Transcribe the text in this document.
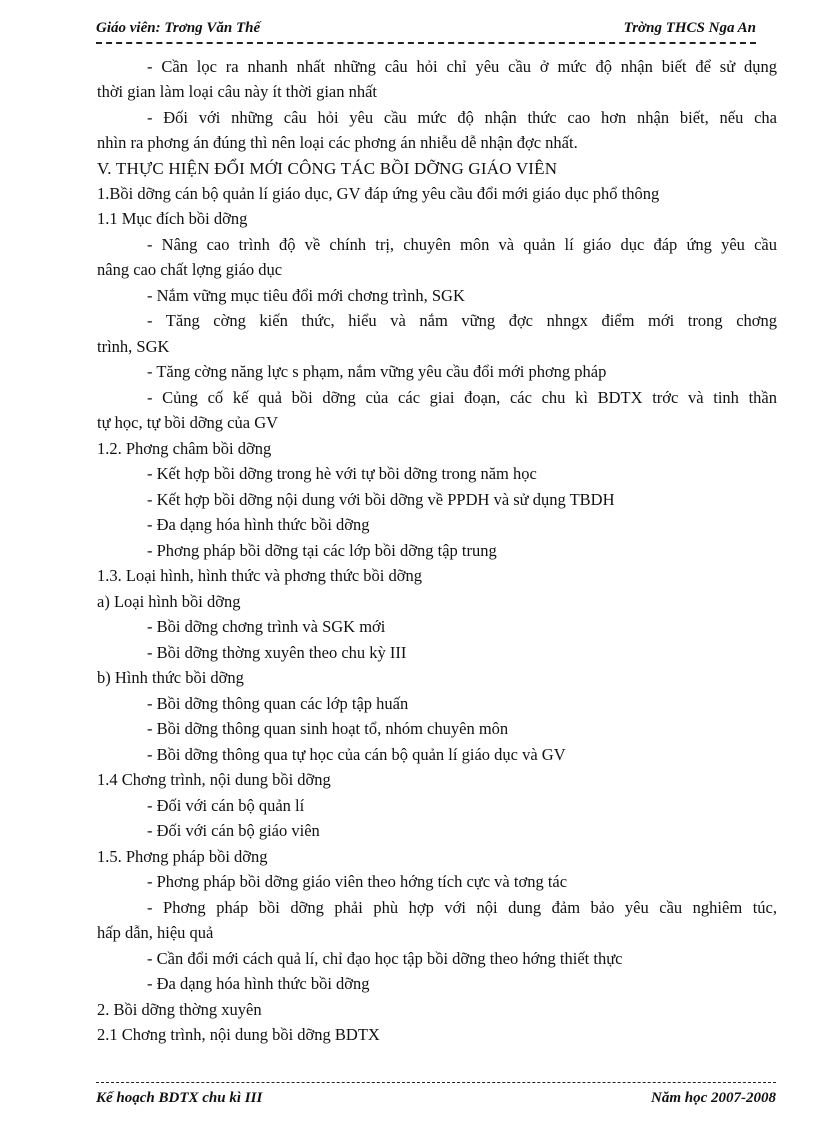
Giáo viên: Trơng Văn Thế	Trờng THCS Nga An
- Cần lọc ra nhanh nhất những câu hỏi chỉ yêu cầu ở mức độ nhận biết để sử dụng
thời gian làm loại câu này ít thời gian nhất
- Đối với những câu hỏi yêu cầu mức độ nhận thức cao hơn nhận biết, nếu cha
nhìn ra phơng án đúng thì nên loại các phơng án nhiễu dễ nhận đợc nhất.
V. THỰC HIỆN ĐỔI MỚI CÔNG TÁC BỒI DỠNG GIÁO VIÊN
1.Bồi dỡng cán bộ quản lí giáo dục, GV đáp ứng yêu cầu đổi mới giáo dục phổ thông
1.1 Mục đích bồi dỡng
- Nâng cao trình độ về chính trị, chuyên môn và quản lí giáo dục đáp ứng yêu cầu
nâng cao chất lợng giáo dục
- Nắm vững mục tiêu đổi mới chơng trình, SGK
- Tăng cờng kiến thức, hiểu và nắm vững đợc nhngx điểm mới trong chơng
trình, SGK
- Tăng cờng năng lực s phạm, nắm vững yêu cầu đổi mới phơng pháp
- Củng cố kế quả bồi dỡng của các giai đoạn, các chu kì BDTX trớc và tinh thần
tự học, tự bồi dỡng của GV
1.2. Phơng châm bồi dỡng
- Kết hợp bồi dỡng trong hè với tự bồi dỡng trong năm học
- Kết hợp bồi dỡng nội dung với bồi dỡng về PPDH và sử dụng TBDH
- Đa dạng hóa hình thức bồi dỡng
- Phơng pháp bồi dỡng tại các lớp bồi dỡng tập trung
1.3. Loại hình, hình thức và phơng thức bồi dỡng
a) Loại hình bồi dỡng
- Bồi dỡng chơng trình và SGK mới
- Bồi dỡng thờng xuyên theo chu kỳ III
b) Hình thức bồi dỡng
- Bồi dỡng thông quan các lớp tập huấn
- Bồi dỡng thông quan sinh hoạt tổ, nhóm chuyên môn
- Bồi dỡng thông qua tự học của cán bộ quản lí giáo dục và GV
1.4 Chơng trình, nội dung bồi dỡng
- Đối với cán bộ quản lí
- Đối với cán bộ giáo viên
1.5. Phơng pháp bồi dỡng
- Phơng pháp bồi dỡng giáo viên theo hớng tích cực và tơng tác
- Phơng pháp bồi dỡng phải phù hợp với nội dung đảm bảo yêu cầu nghiêm túc,
hấp dẫn, hiệu quả
- Cần đổi mới cách quả lí, chỉ đạo học tập bồi dỡng theo hớng thiết thực
- Đa dạng hóa hình thức bồi dỡng
2. Bồi dỡng thờng xuyên
2.1 Chơng trình, nội dung bồi dỡng BDTX
Kế hoạch BDTX chu kì III	Năm học 2007-2008
